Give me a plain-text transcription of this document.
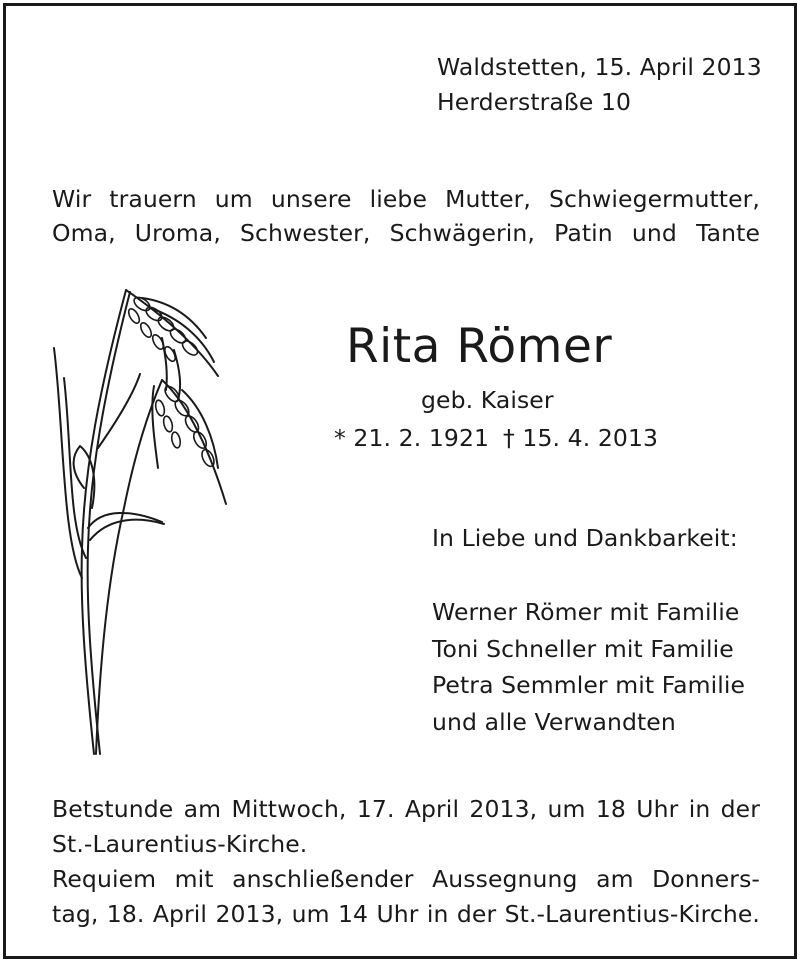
Waldstetten, 15. April 2013
Herderstraße 10
Wir trauern um unsere liebe Mutter, Schwiegermutter, Oma, Uroma, Schwester, Schwägerin, Patin und Tante
Rita Römer
geb. Kaiser
* 21. 2. 1921 † 15. 4. 2013
In Liebe und Dankbarkeit:
Werner Römer mit Familie
Toni Schneller mit Familie
Petra Semmler mit Familie
und alle Verwandten
Betstunde am Mittwoch, 17. April 2013, um 18 Uhr in der
St.-Laurentius-Kirche.
Requiem mit anschließender Aussegnung am Donners-
tag, 18. April 2013, um 14 Uhr in der St.-Laurentius-Kirche.
